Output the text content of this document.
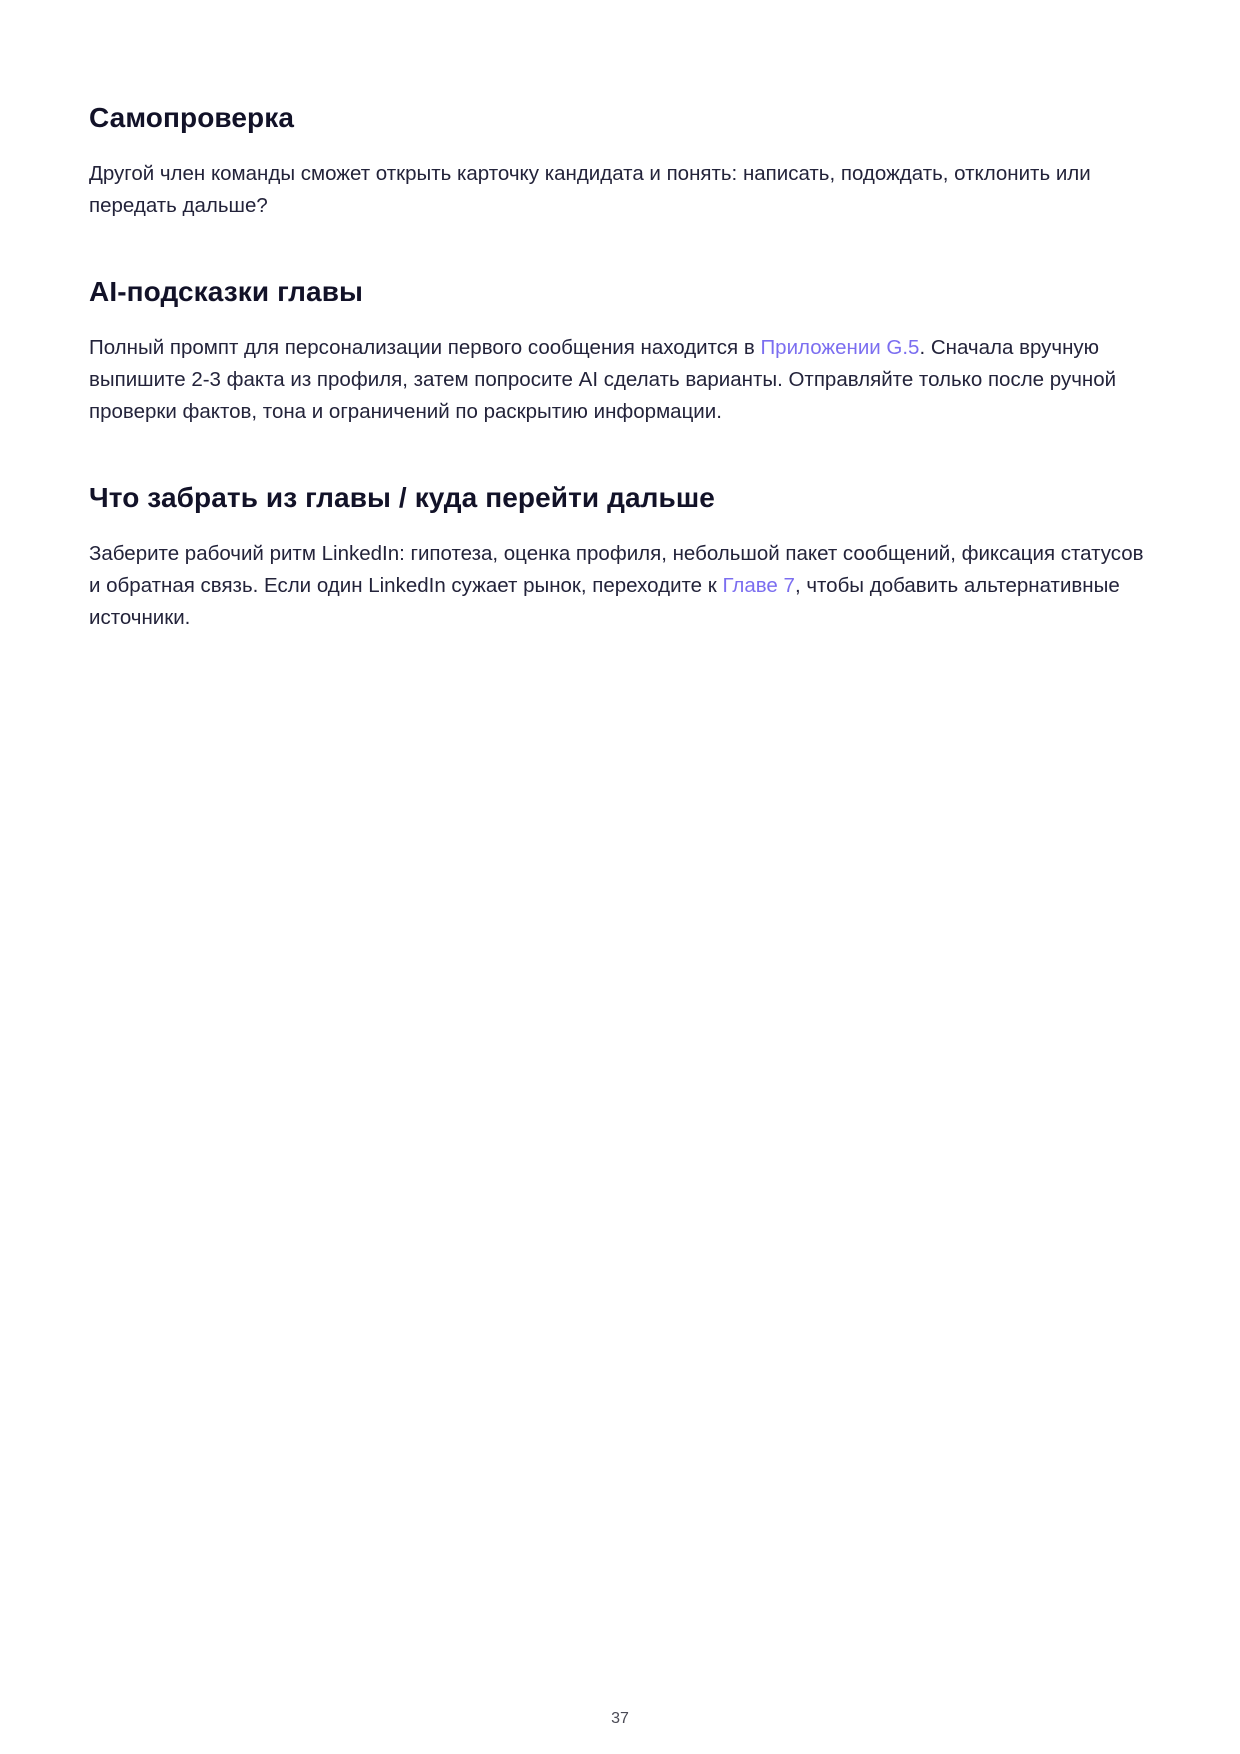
Самопроверка

Другой член команды сможет открыть карточку кандидата и понять: написать, подождать, отклонить или передать дальше?

AI-подсказки главы

Полный промпт для персонализации первого сообщения находится в Приложении G.5. Сначала вручную выпишите 2-3 факта из профиля, затем попросите AI сделать варианты. Отправляйте только после ручной проверки фактов, тона и ограничений по раскрытию информации.

Что забрать из главы / куда перейти дальше

Заберите рабочий ритм LinkedIn: гипотеза, оценка профиля, небольшой пакет сообщений, фиксация статусов и обратная связь. Если один LinkedIn сужает рынок, переходите к Главе 7, чтобы добавить альтернативные источники.

37
